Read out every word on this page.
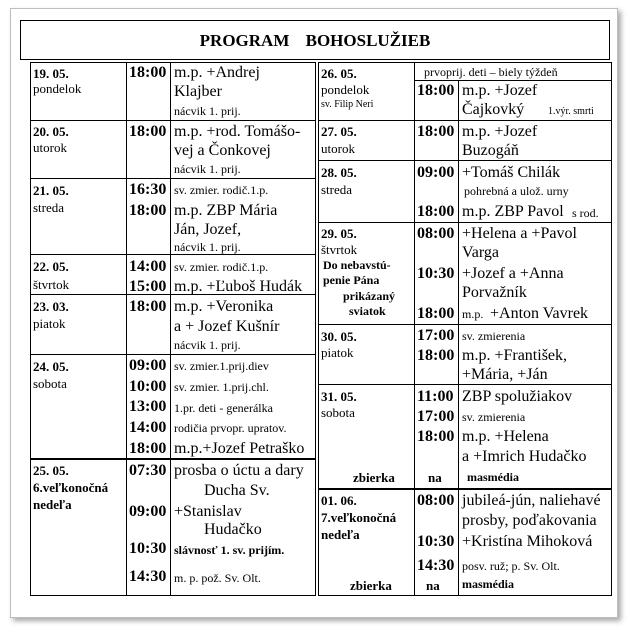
PROGRAM BOHOSLUŽIEB
19. 05.
pondelok
20. 05.
utorok
21. 05.
streda
22. 05.
štvrtok
23. 03.
piatok
24. 05.
sobota
25. 05.
6.veľkonočná
nedeľa
18:00
18:00
16:30
18:00
14:00
15:00
18:00
09:00
10:00
13:00
14:00
18:00
07:30
09:00
10:30
14:30
m.p. +Andrej
Klajber
nácvik 1. prij.
m.p. +rod. Tomášo-
vej a Čonkovej
nácvik 1. prij.
sv. zmier. rodič.1.p.
m.p. ZBP Mária
Ján, Jozef,
nácvik 1. prij.
sv. zmier. rodič.1.p.
m.p. +Ľuboš Hudák
m.p. +Veronika
a + Jozef Kušnír
nácvik 1. prij.
sv. zmier.1.prij.diev
sv. zmier. 1.prij.chl.
1.pr. deti - generálka
rodičia prvopr. upratov.
m.p.+Jozef Petraško
prosba o úctu a dary
Ducha Sv.
+Stanislav
Hudačko
slávnosť 1. sv. prijím.
m. p. pož. Sv. Olt.
prvoprij. deti – biely týždeň
26. 05.
pondelok
sv. Filip Neri
27. 05.
utorok
28. 05.
streda
29. 05.
štvrtok
Do nebavstú-
penie Pána
prikázaný
sviatok
30. 05.
piatok
31. 05.
sobota
zbierka	na
01. 06.
7.veľkonočná
nedeľa
zbierka	na
18:00
18:00
09:00
18:00
08:00
10:30
18:00
17:00
18:00
11:00
17:00
18:00
08:00
10:30
14:30
m.p. +Jozef
Čajkovký 1.výr. smrti
m.p. +Jozef
Buzogáň
+Tomáš Chilák
pohrebná a ulož. urny
m.p. ZBP Pavol s rod.
+Helena a +Pavol
Varga
+Jozef a +Anna
Porvažník
m.p. +Anton Vavrek
sv. zmierenia
m.p. +František,
+Mária, +Ján
ZBP spolužiakov
sv. zmierenia
m.p. +Helena
a +Imrich Hudačko
masmédia
jubileá-jún, naliehavé
prosby, poďakovania
+Kristína Mihoková
posv. ruž; p. Sv. Olt.
masmédia
